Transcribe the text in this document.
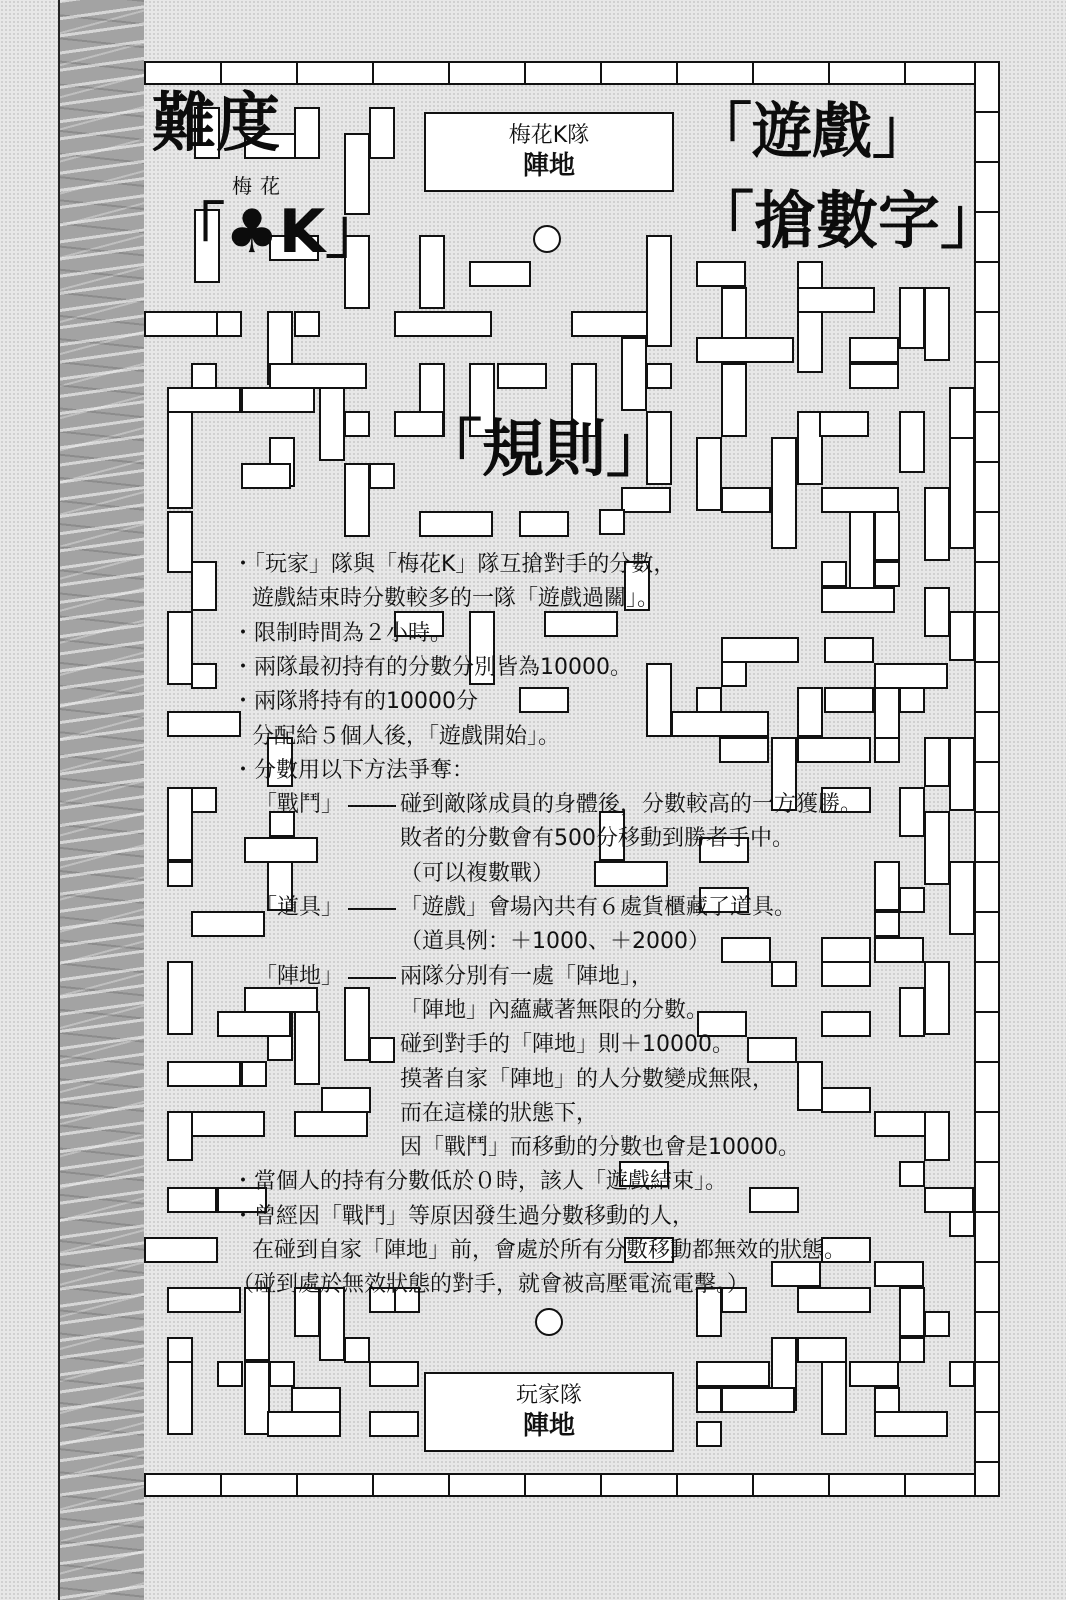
難度
梅花
「♣K」
「遊戲」
「搶數字」
「規則」
梅花K隊
陣地
玩家隊
陣地
・「玩家」隊與「梅花K」隊互搶對手的分數，
遊戲結束時分數較多的一隊「遊戲過關」。
・限制時間為２小時。
・兩隊最初持有的分數分別皆為10000。
・兩隊將持有的10000分
分配給５個人後，「遊戲開始」。
・分數用以下方法爭奪：
「戰鬥」	碰到敵隊成員的身體後，分數較高的一方獲勝。
敗者的分數會有500分移動到勝者手中。
（可以複數戰）
「道具」	「遊戲」會場內共有６處貨櫃藏了道具。
（道具例：＋1000、＋2000）
「陣地」	兩隊分別有一處「陣地」，
「陣地」內蘊藏著無限的分數。
碰到對手的「陣地」則＋10000。
摸著自家「陣地」的人分數變成無限，
而在這樣的狀態下，
因「戰鬥」而移動的分數也會是10000。
・當個人的持有分數低於０時，該人「遊戲結束」。
・曾經因「戰鬥」等原因發生過分數移動的人，
在碰到自家「陣地」前，會處於所有分數移動都無效的狀態。
（碰到處於無效狀態的對手，就會被高壓電流電擊。）
